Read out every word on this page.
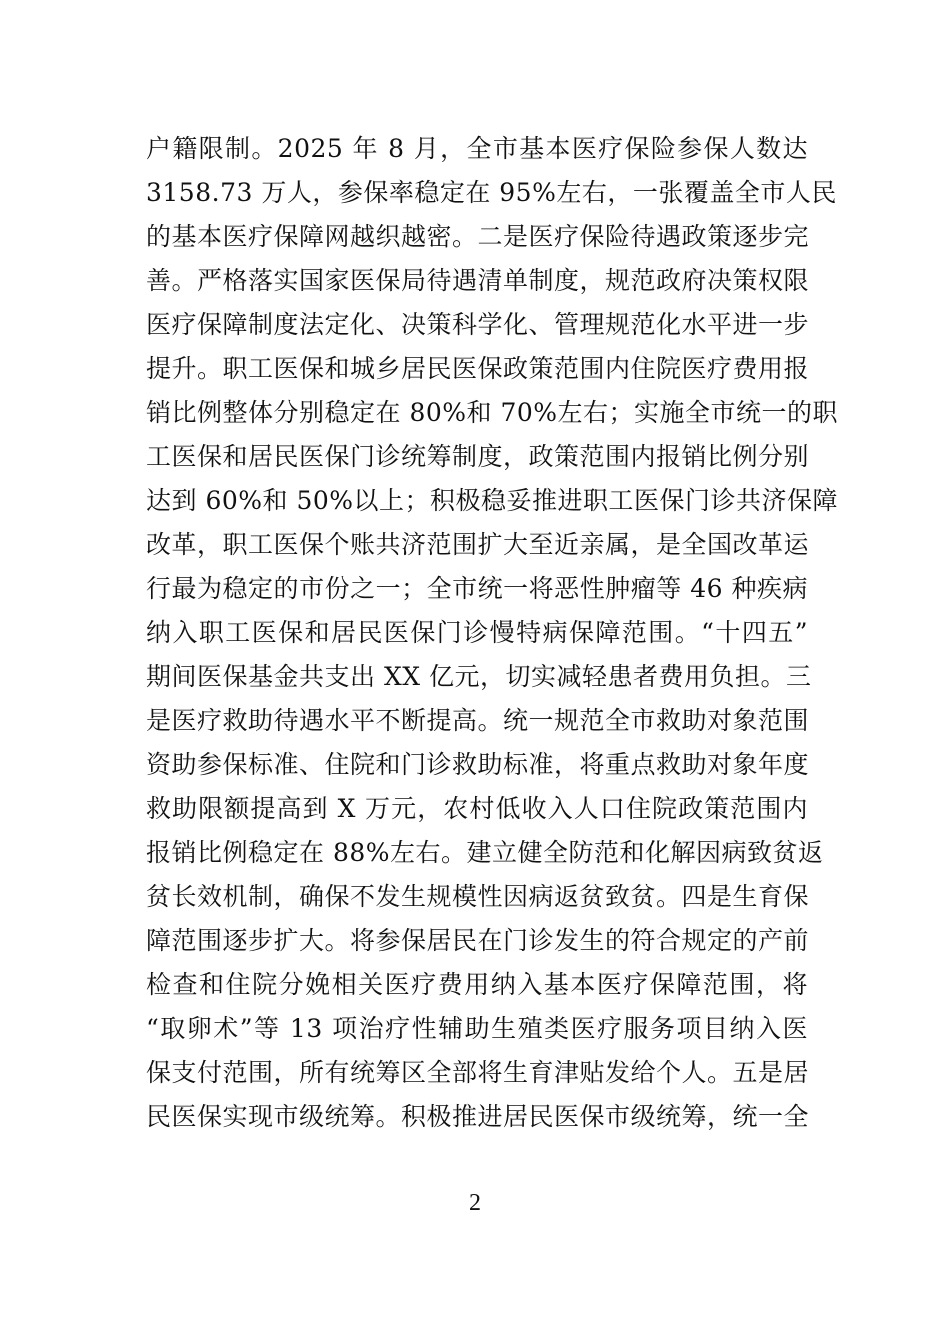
户籍限制。2025 年 8 月，全市基本医疗保险参保人数达
3158.73 万人，参保率稳定在 95%左右，一张覆盖全市人民
的基本医疗保障网越织越密。二是医疗保险待遇政策逐步完
善。严格落实国家医保局待遇清单制度，规范政府决策权限
医疗保障制度法定化、决策科学化、管理规范化水平进一步
提升。职工医保和城乡居民医保政策范围内住院医疗费用报
销比例整体分别稳定在 80%和 70%左右；实施全市统一的职
工医保和居民医保门诊统筹制度，政策范围内报销比例分别
达到 60%和 50%以上；积极稳妥推进职工医保门诊共济保障
改革，职工医保个账共济范围扩大至近亲属，是全国改革运
行最为稳定的市份之一；全市统一将恶性肿瘤等 46 种疾病
纳入职工医保和居民医保门诊慢特病保障范围。“十四五”
期间医保基金共支出 XX 亿元，切实减轻患者费用负担。三
是医疗救助待遇水平不断提高。统一规范全市救助对象范围
资助参保标准、住院和门诊救助标准，将重点救助对象年度
救助限额提高到 X 万元，农村低收入人口住院政策范围内
报销比例稳定在 88%左右。建立健全防范和化解因病致贫返
贫长效机制，确保不发生规模性因病返贫致贫。四是生育保
障范围逐步扩大。将参保居民在门诊发生的符合规定的产前
检查和住院分娩相关医疗费用纳入基本医疗保障范围，将
“取卵术”等 13 项治疗性辅助生殖类医疗服务项目纳入医
保支付范围，所有统筹区全部将生育津贴发给个人。五是居
民医保实现市级统筹。积极推进居民医保市级统筹，统一全
2
